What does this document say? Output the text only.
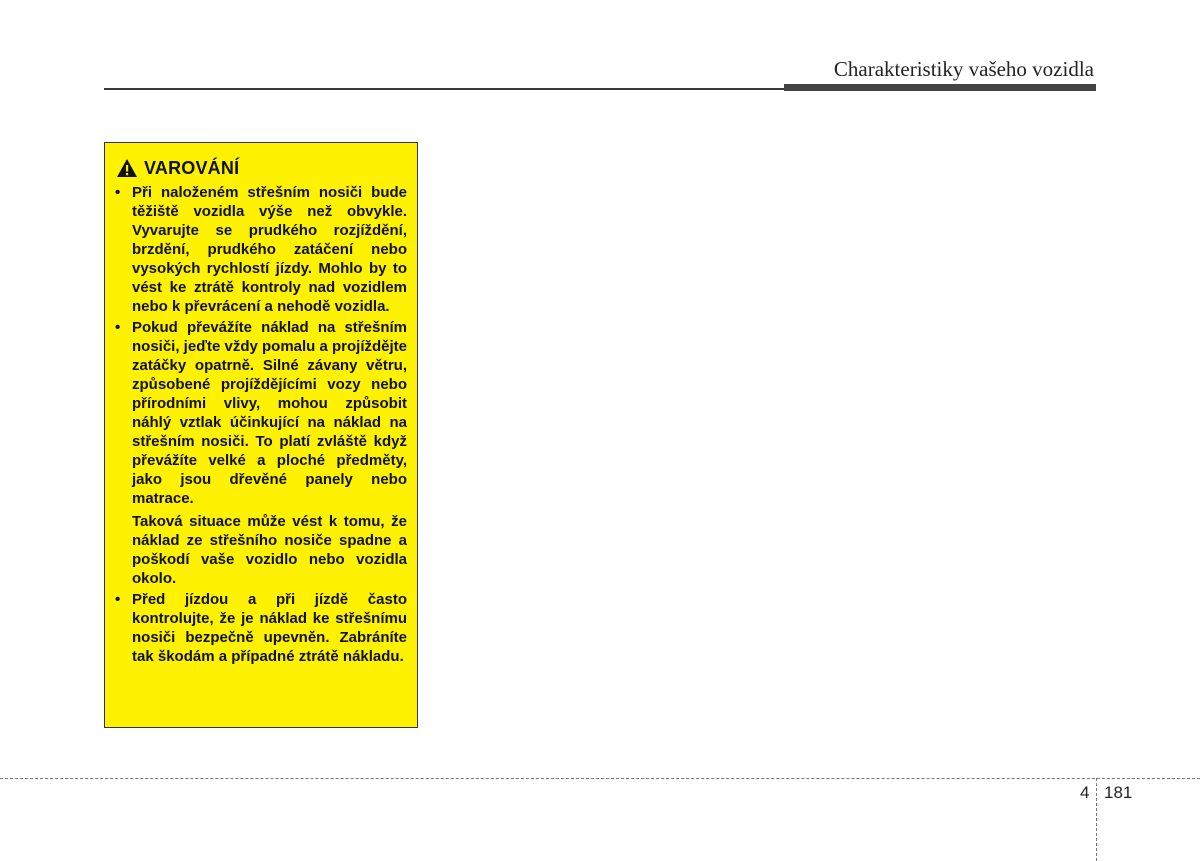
Charakteristiky vašeho vozidla
VAROVÁNÍ
• Při naloženém střešním nosiči bude těžiště vozidla výše než obvykle. Vyvarujte se prudkého rozjíždění, brzdění, prudkého zatáčení nebo vysokých rychlostí jízdy. Mohlo by to vést ke ztrátě kontroly nad vozidlem nebo k převrácení a nehodě vozidla.
• Pokud převážíte náklad na střešním nosiči, jeďte vždy pomalu a projíždějte zatáčky opatrně. Silné závany větru, způsobené projíždějícími vozy nebo přírodními vlivy, mohou způsobit náhlý vztlak účinkující na náklad na střešním nosiči. To platí zvláště když převážíte velké a ploché předměty, jako jsou dřevěné panely nebo matrace.
Taková situace může vést k tomu, že náklad ze střešního nosiče spadne a poškodí vaše vozidlo nebo vozidla okolo.
• Před jízdou a při jízdě často kontrolujte, že je náklad ke střešnímu nosiči bezpečně upevněn. Zabráníte tak škodám a případné ztrátě nákladu.
4 181
